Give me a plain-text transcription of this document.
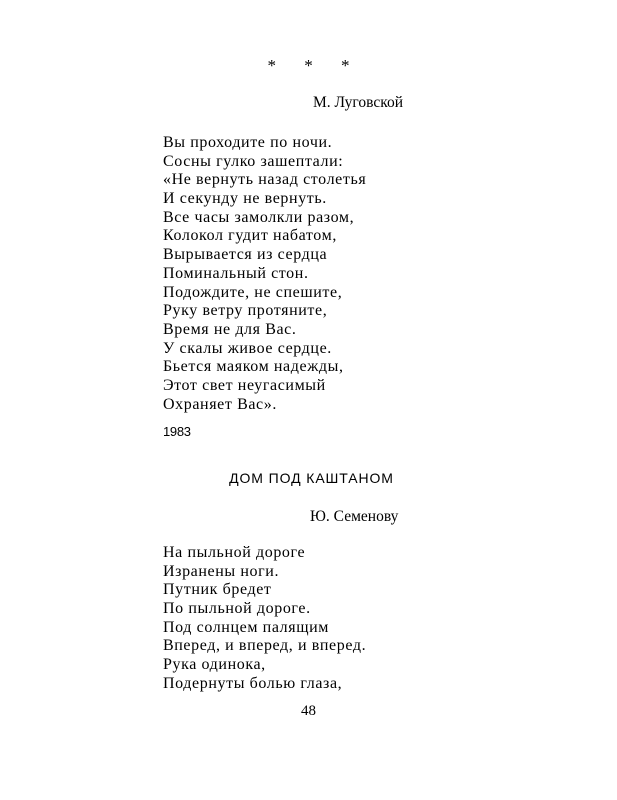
* * *
М. Луговской
Вы проходите по ночи.
Сосны гулко зашептали:
«Не вернуть назад столетья
И секунду не вернуть.
Все часы замолкли разом,
Колокол гудит набатом,
Вырывается из сердца
Поминальный стон.
Подождите, не спешите,
Руку ветру протяните,
Время не для Вас.
У скалы живое сердце.
Бьется маяком надежды,
Этот свет неугасимый
Охраняет Вас».
1983
ДОМ ПОД КАШТАНОМ
Ю. Семенову
На пыльной дороге
Изранены ноги.
Путник бредет
По пыльной дороге.
Под солнцем палящим
Вперед, и вперед, и вперед.
Рука одинока,
Подернуты болью глаза,
48
